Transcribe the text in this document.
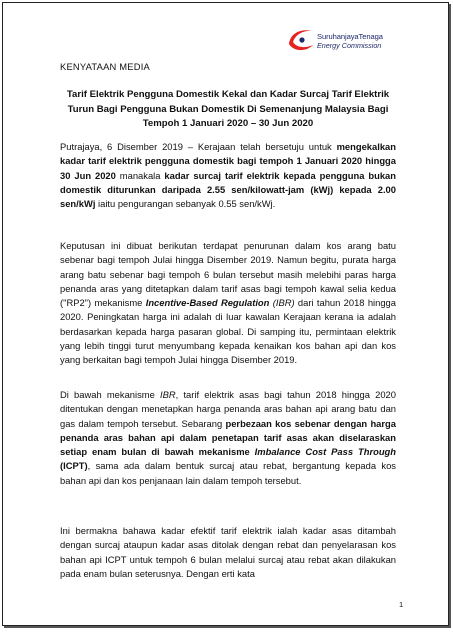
SuruhanjayaTenaga
Energy Commission
KENYATAAN MEDIA
Tarif Elektrik Pengguna Domestik Kekal dan Kadar Surcaj Tarif Elektrik Turun Bagi Pengguna Bukan Domestik Di Semenanjung Malaysia Bagi Tempoh 1 Januari 2020 – 30 Jun 2020
Putrajaya, 6 Disember 2019 – Kerajaan telah bersetuju untuk mengekalkan kadar tarif elektrik pengguna domestik bagi tempoh 1 Januari 2020 hingga 30 Jun 2020 manakala kadar surcaj tarif elektrik kepada pengguna bukan domestik diturunkan daripada 2.55 sen/kilowatt-jam (kWj) kepada 2.00 sen/kWj iaitu pengurangan sebanyak 0.55 sen/kWj.
Keputusan ini dibuat berikutan terdapat penurunan dalam kos arang batu sebenar bagi tempoh Julai hingga Disember 2019. Namun begitu, purata harga arang batu sebenar bagi tempoh 6 bulan tersebut masih melebihi paras harga penanda aras yang ditetapkan dalam tarif asas bagi tempoh kawal selia kedua ("RP2") mekanisme Incentive-Based Regulation (IBR) dari tahun 2018 hingga 2020. Peningkatan harga ini adalah di luar kawalan Kerajaan kerana ia adalah berdasarkan kepada harga pasaran global. Di samping itu, permintaan elektrik yang lebih tinggi turut menyumbang kepada kenaikan kos bahan api dan kos yang berkaitan bagi tempoh Julai hingga Disember 2019.
Di bawah mekanisme IBR, tarif elektrik asas bagi tahun 2018 hingga 2020 ditentukan dengan menetapkan harga penanda aras bahan api arang batu dan gas dalam tempoh tersebut. Sebarang perbezaan kos sebenar dengan harga penanda aras bahan api dalam penetapan tarif asas akan diselaraskan setiap enam bulan di bawah mekanisme Imbalance Cost Pass Through (ICPT), sama ada dalam bentuk surcaj atau rebat, bergantung kepada kos bahan api dan kos penjanaan lain dalam tempoh tersebut.
Ini bermakna bahawa kadar efektif tarif elektrik ialah kadar asas ditambah dengan surcaj ataupun kadar asas ditolak dengan rebat dan penyelarasan kos bahan api ICPT untuk tempoh 6 bulan melalui surcaj atau rebat akan dilakukan pada enam bulan seterusnya. Dengan erti kata
1
